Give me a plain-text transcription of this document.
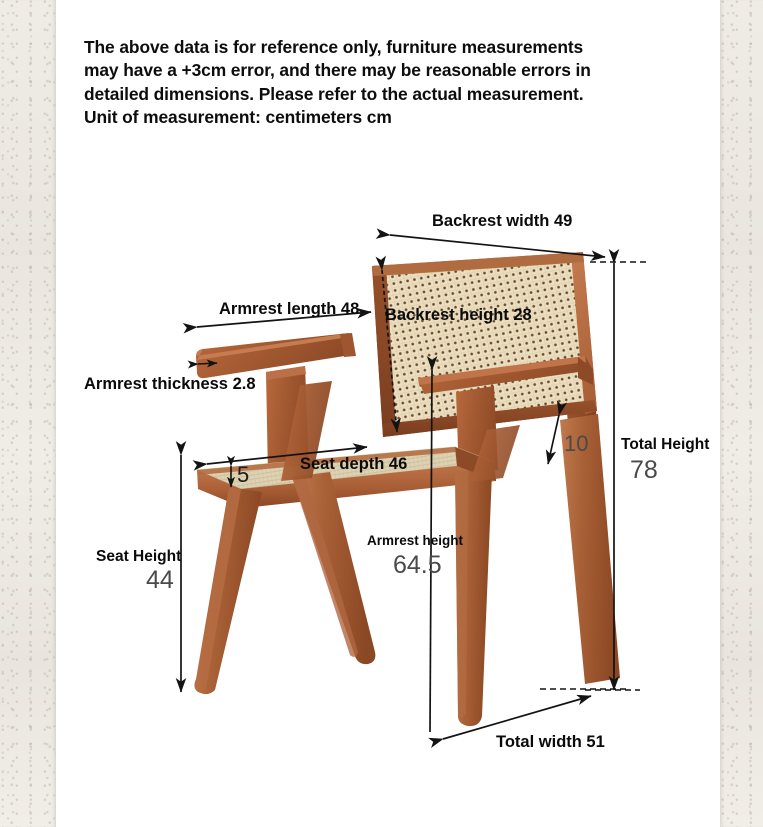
The above data is for reference only, furniture measurements
may have a +3cm error, and there may be reasonable errors in
detailed dimensions. Please refer to the actual measurement.
Unit of measurement: centimeters cm
Backrest width 49
Armrest length 48 Backrest height 28
Armrest thickness 2.8
Seat depth 46
5
10 Total Height
78
Seat Height
44
Armrest height
64.5
Total width 51
